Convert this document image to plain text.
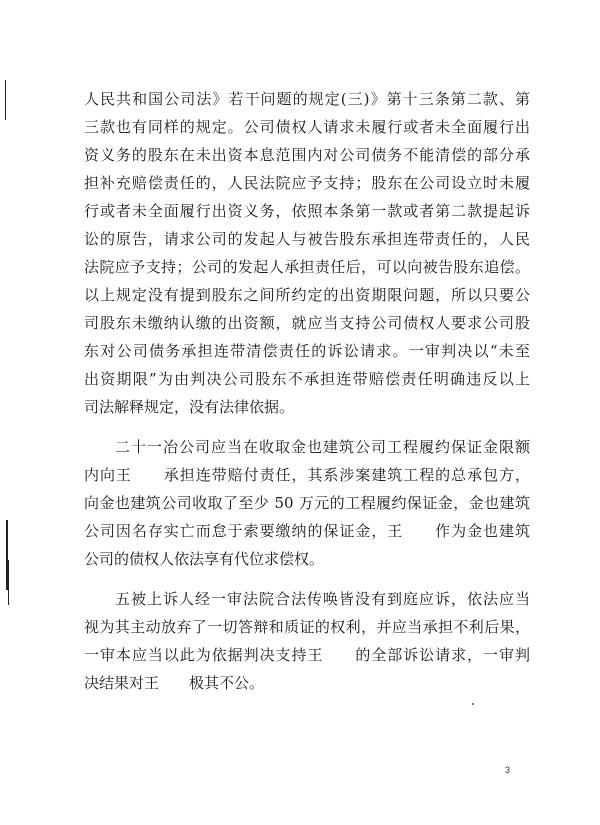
人民共和国公司法》若干问题的规定(三)》第十三条第二款、第
三款也有同样的规定。公司债权人请求未履行或者未全面履行出
资义务的股东在未出资本息范围内对公司债务不能清偿的部分承
担补充赔偿责任的，人民法院应予支持；股东在公司设立时未履
行或者未全面履行出资义务，依照本条第一款或者第二款提起诉
讼的原告，请求公司的发起人与被告股东承担连带责任的，人民
法院应予支持；公司的发起人承担责任后，可以向被告股东追偿。
以上规定没有提到股东之间所约定的出资期限问题，所以只要公
司股东未缴纳认缴的出资额，就应当支持公司债权人要求公司股
东对公司债务承担连带清偿责任的诉讼请求。一审判决以“未至
出资期限”为由判决公司股东不承担连带赔偿责任明确违反以上
司法解释规定，没有法律依据。
二十一冶公司应当在收取金也建筑公司工程履约保证金限额
内向王　　承担连带赔付责任，其系涉案建筑工程的总承包方，
向金也建筑公司收取了至少 50 万元的工程履约保证金，金也建筑
公司因名存实亡而怠于索要缴纳的保证金，王　　作为金也建筑
公司的债权人依法享有代位求偿权。
五被上诉人经一审法院合法传唤皆没有到庭应诉，依法应当
视为其主动放弃了一切答辩和质证的权利，并应当承担不利后果，
一审本应当以此为依据判决支持王　　的全部诉讼请求，一审判
决结果对王　　极其不公。
3
